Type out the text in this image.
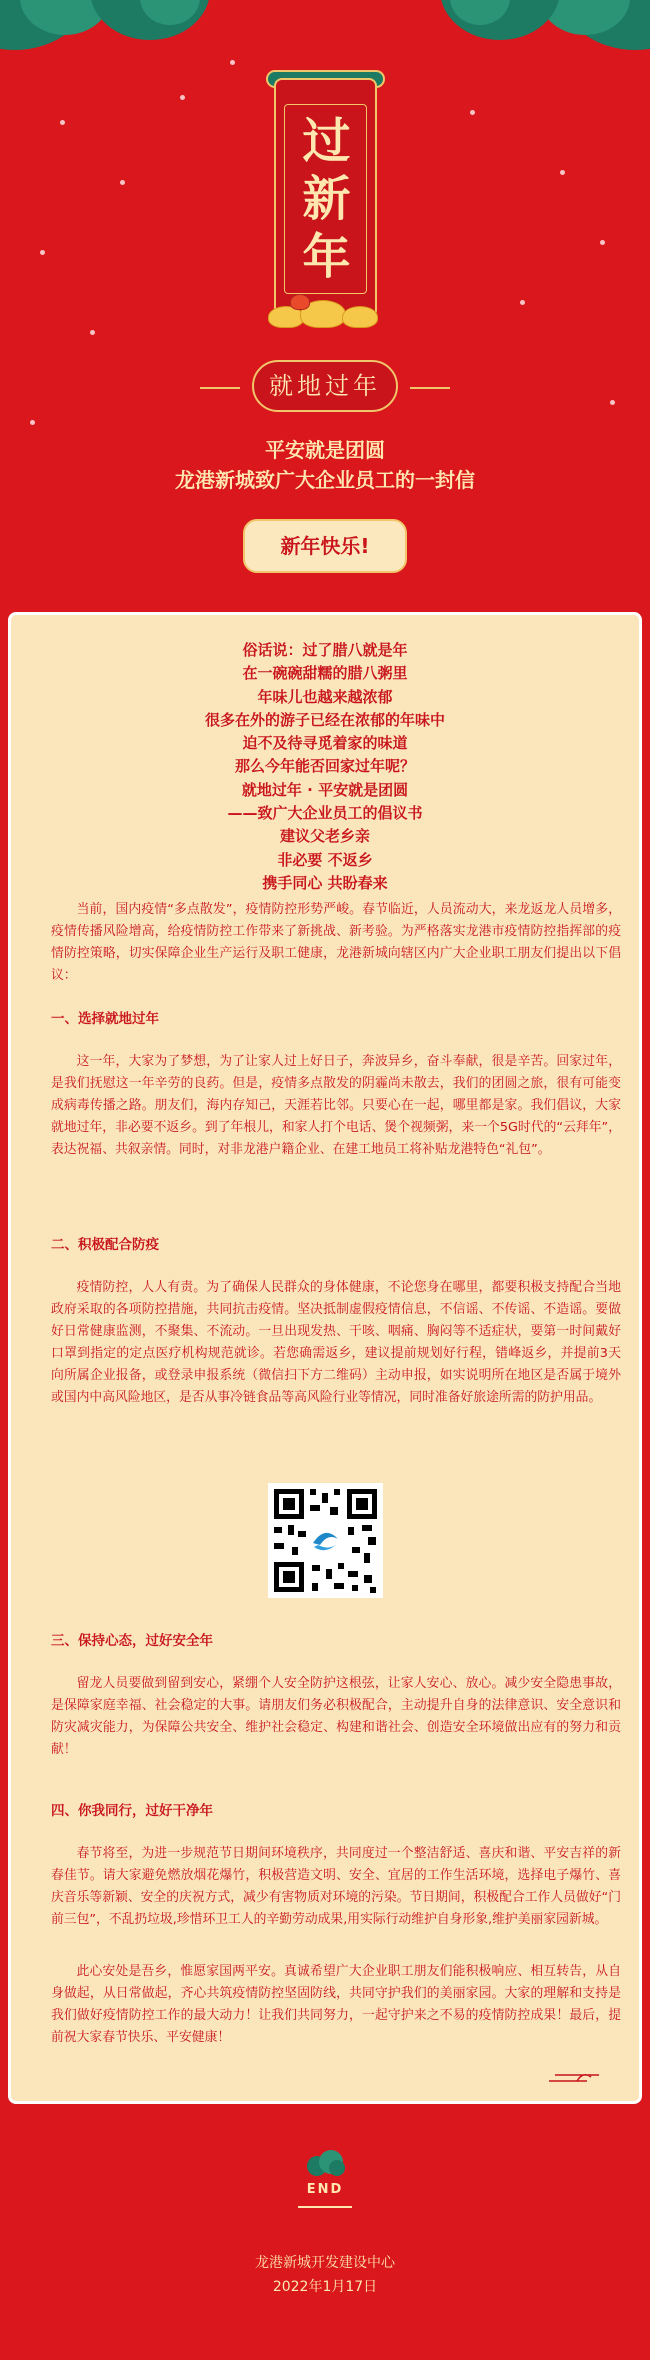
过
新
年
就地过年
平安就是团圆
龙港新城致广大企业员工的一封信
新年快乐!
俗话说：过了腊八就是年
在一碗碗甜糯的腊八粥里
年味儿也越来越浓郁
很多在外的游子已经在浓郁的年味中
迫不及待寻觅着家的味道
那么今年能否回家过年呢？
就地过年 · 平安就是团圆
——致广大企业员工的倡议书
建议父老乡亲
非必要 不返乡
携手同心 共盼春来

当前，国内疫情“多点散发”，疫情防控形势严峻。春节临近，人员流动大，来龙返龙人员增多，疫情传播风险增高，给疫情防控工作带来了新挑战、新考验。为严格落实龙港市疫情防控指挥部的疫情防控策略，切实保障企业生产运行及职工健康，龙港新城向辖区内广大企业职工朋友们提出以下倡议：

一、选择就地过年

这一年，大家为了梦想，为了让家人过上好日子，奔波异乡，奋斗奉献，很是辛苦。回家过年，是我们抚慰这一年辛劳的良药。但是，疫情多点散发的阴霾尚未散去，我们的团圆之旅，很有可能变成病毒传播之路。朋友们，海内存知己，天涯若比邻。只要心在一起，哪里都是家。我们倡议，大家就地过年，非必要不返乡。到了年根儿，和家人打个电话、煲个视频粥，来一个5G时代的“云拜年”，表达祝福、共叙亲情。同时，对非龙港户籍企业、在建工地员工将补贴龙港特色“礼包”。

二、积极配合防疫

疫情防控，人人有责。为了确保人民群众的身体健康，不论您身在哪里，都要积极支持配合当地政府采取的各项防控措施，共同抗击疫情。坚决抵制虚假疫情信息，不信谣、不传谣、不造谣。要做好日常健康监测，不聚集、不流动。一旦出现发热、干咳、咽痛、胸闷等不适症状，要第一时间戴好口罩到指定的定点医疗机构规范就诊。若您确需返乡，建议提前规划好行程，错峰返乡，并提前3天向所属企业报备，或登录申报系统（微信扫下方二维码）主动申报，如实说明所在地区是否属于境外或国内中高风险地区，是否从事冷链食品等高风险行业等情况，同时准备好旅途所需的防护用品。

三、保持心态，过好安全年

留龙人员要做到留到安心，紧绷个人安全防护这根弦，让家人安心、放心。减少安全隐患事故，是保障家庭幸福、社会稳定的大事。请朋友们务必积极配合，主动提升自身的法律意识、安全意识和防灾减灾能力，为保障公共安全、维护社会稳定、构建和谐社会、创造安全环境做出应有的努力和贡献！

四、你我同行，过好干净年

春节将至，为进一步规范节日期间环境秩序，共同度过一个整洁舒适、喜庆和谐、平安吉祥的新春佳节。请大家避免燃放烟花爆竹，积极营造文明、安全、宜居的工作生活环境，选择电子爆竹、喜庆音乐等新颖、安全的庆祝方式，减少有害物质对环境的污染。节日期间，积极配合工作人员做好“门前三包”，不乱扔垃圾,珍惜环卫工人的辛勤劳动成果,用实际行动维护自身形象,维护美丽家园新城。

此心安处是吾乡，惟愿家国两平安。真诚希望广大企业职工朋友们能积极响应、相互转告，从自身做起，从日常做起，齐心共筑疫情防控坚固防线，共同守护我们的美丽家园。大家的理解和支持是我们做好疫情防控工作的最大动力！让我们共同努力，一起守护来之不易的疫情防控成果！最后，提前祝大家春节快乐、平安健康！

END
龙港新城开发建设中心
2022年1月17日
